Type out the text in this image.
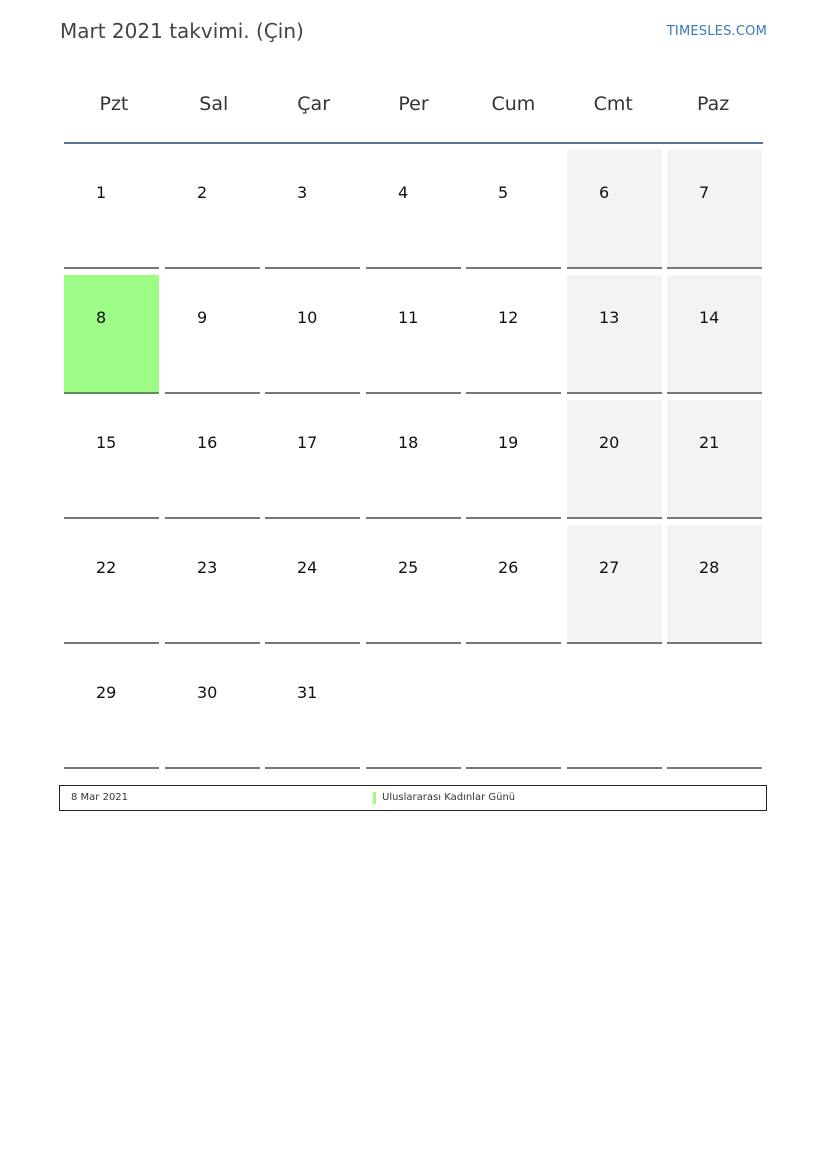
Mart 2021 takvimi. (Çin)	TIMESLES.COM
Pzt	Sal	Çar	Per	Cum	Cmt	Paz
1	2	3	4	5	6	7
8	9	10	11	12	13	14
15	16	17	18	19	20	21
22	23	24	25	26	27	28
29	30	31
8 Mar 2021	Uluslararası Kadınlar Günü
